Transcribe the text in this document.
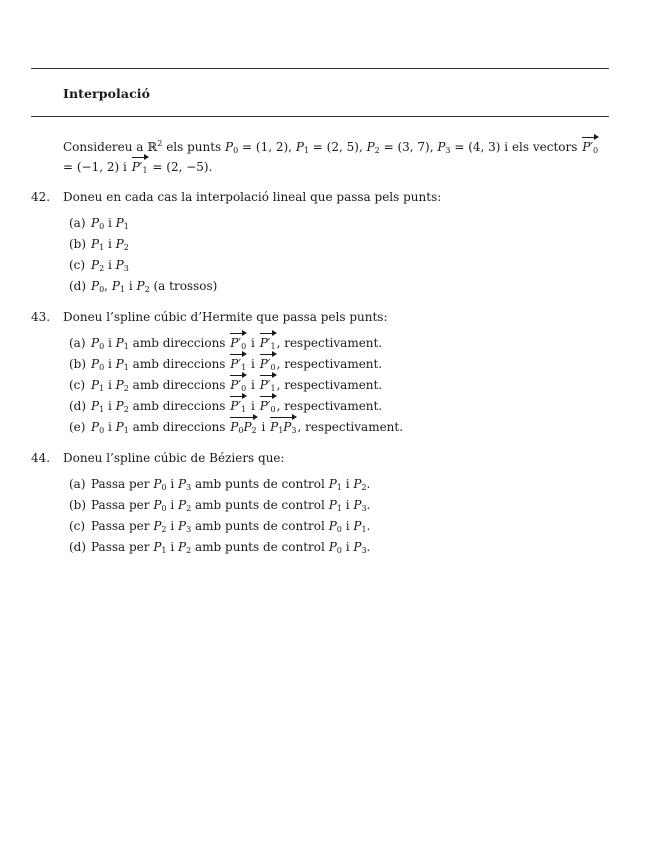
Interpolació
Considereu a ℝ$^2$ els punts $P_0 = (1$, 2), $P_1 = (2$, 5), $P_2 = (3$, 7), $P_3 = (4$, 3) i els vectors $P'_0 = (-1$, 2) i $P'_1 = (2$, −5).
42.	Doneu en cada cas la interpolació lineal que passa pels punts:
(a) $P_0$ i $P_1$
(b) $P_1$ i $P_2$
(c) $P_2$ i $P_3$
(d) $P_0$, $P_1$ i $P_2$ (a trossos)
43.	Doneu l’spline cúbic d’Hermite que passa pels punts:
(a) $P_0$ i $P_1$ amb direccions $P'_0$ i $P'_1$, respectivament.
(b) $P_0$ i $P_1$ amb direccions $P'_1$ i $P'_0$, respectivament.
(c) $P_1$ i $P_2$ amb direccions $P'_0$ i $P'_1$, respectivament.
(d) $P_1$ i $P_2$ amb direccions $P'_1$ i $P'_0$, respectivament.
(e) $P_0$ i $P_1$ amb direccions $P_0P_2$ i $P_1P_3$, respectivament.
44.	Doneu l’spline cúbic de Béziers que:
(a) Passa per $P_0$ i $P_3$ amb punts de control $P_1$ i $P_2$.
(b) Passa per $P_0$ i $P_2$ amb punts de control $P_1$ i $P_3$.
(c) Passa per $P_2$ i $P_3$ amb punts de control $P_0$ i $P_1$.
(d) Passa per $P_1$ i $P_2$ amb punts de control $P_0$ i $P_3$.
